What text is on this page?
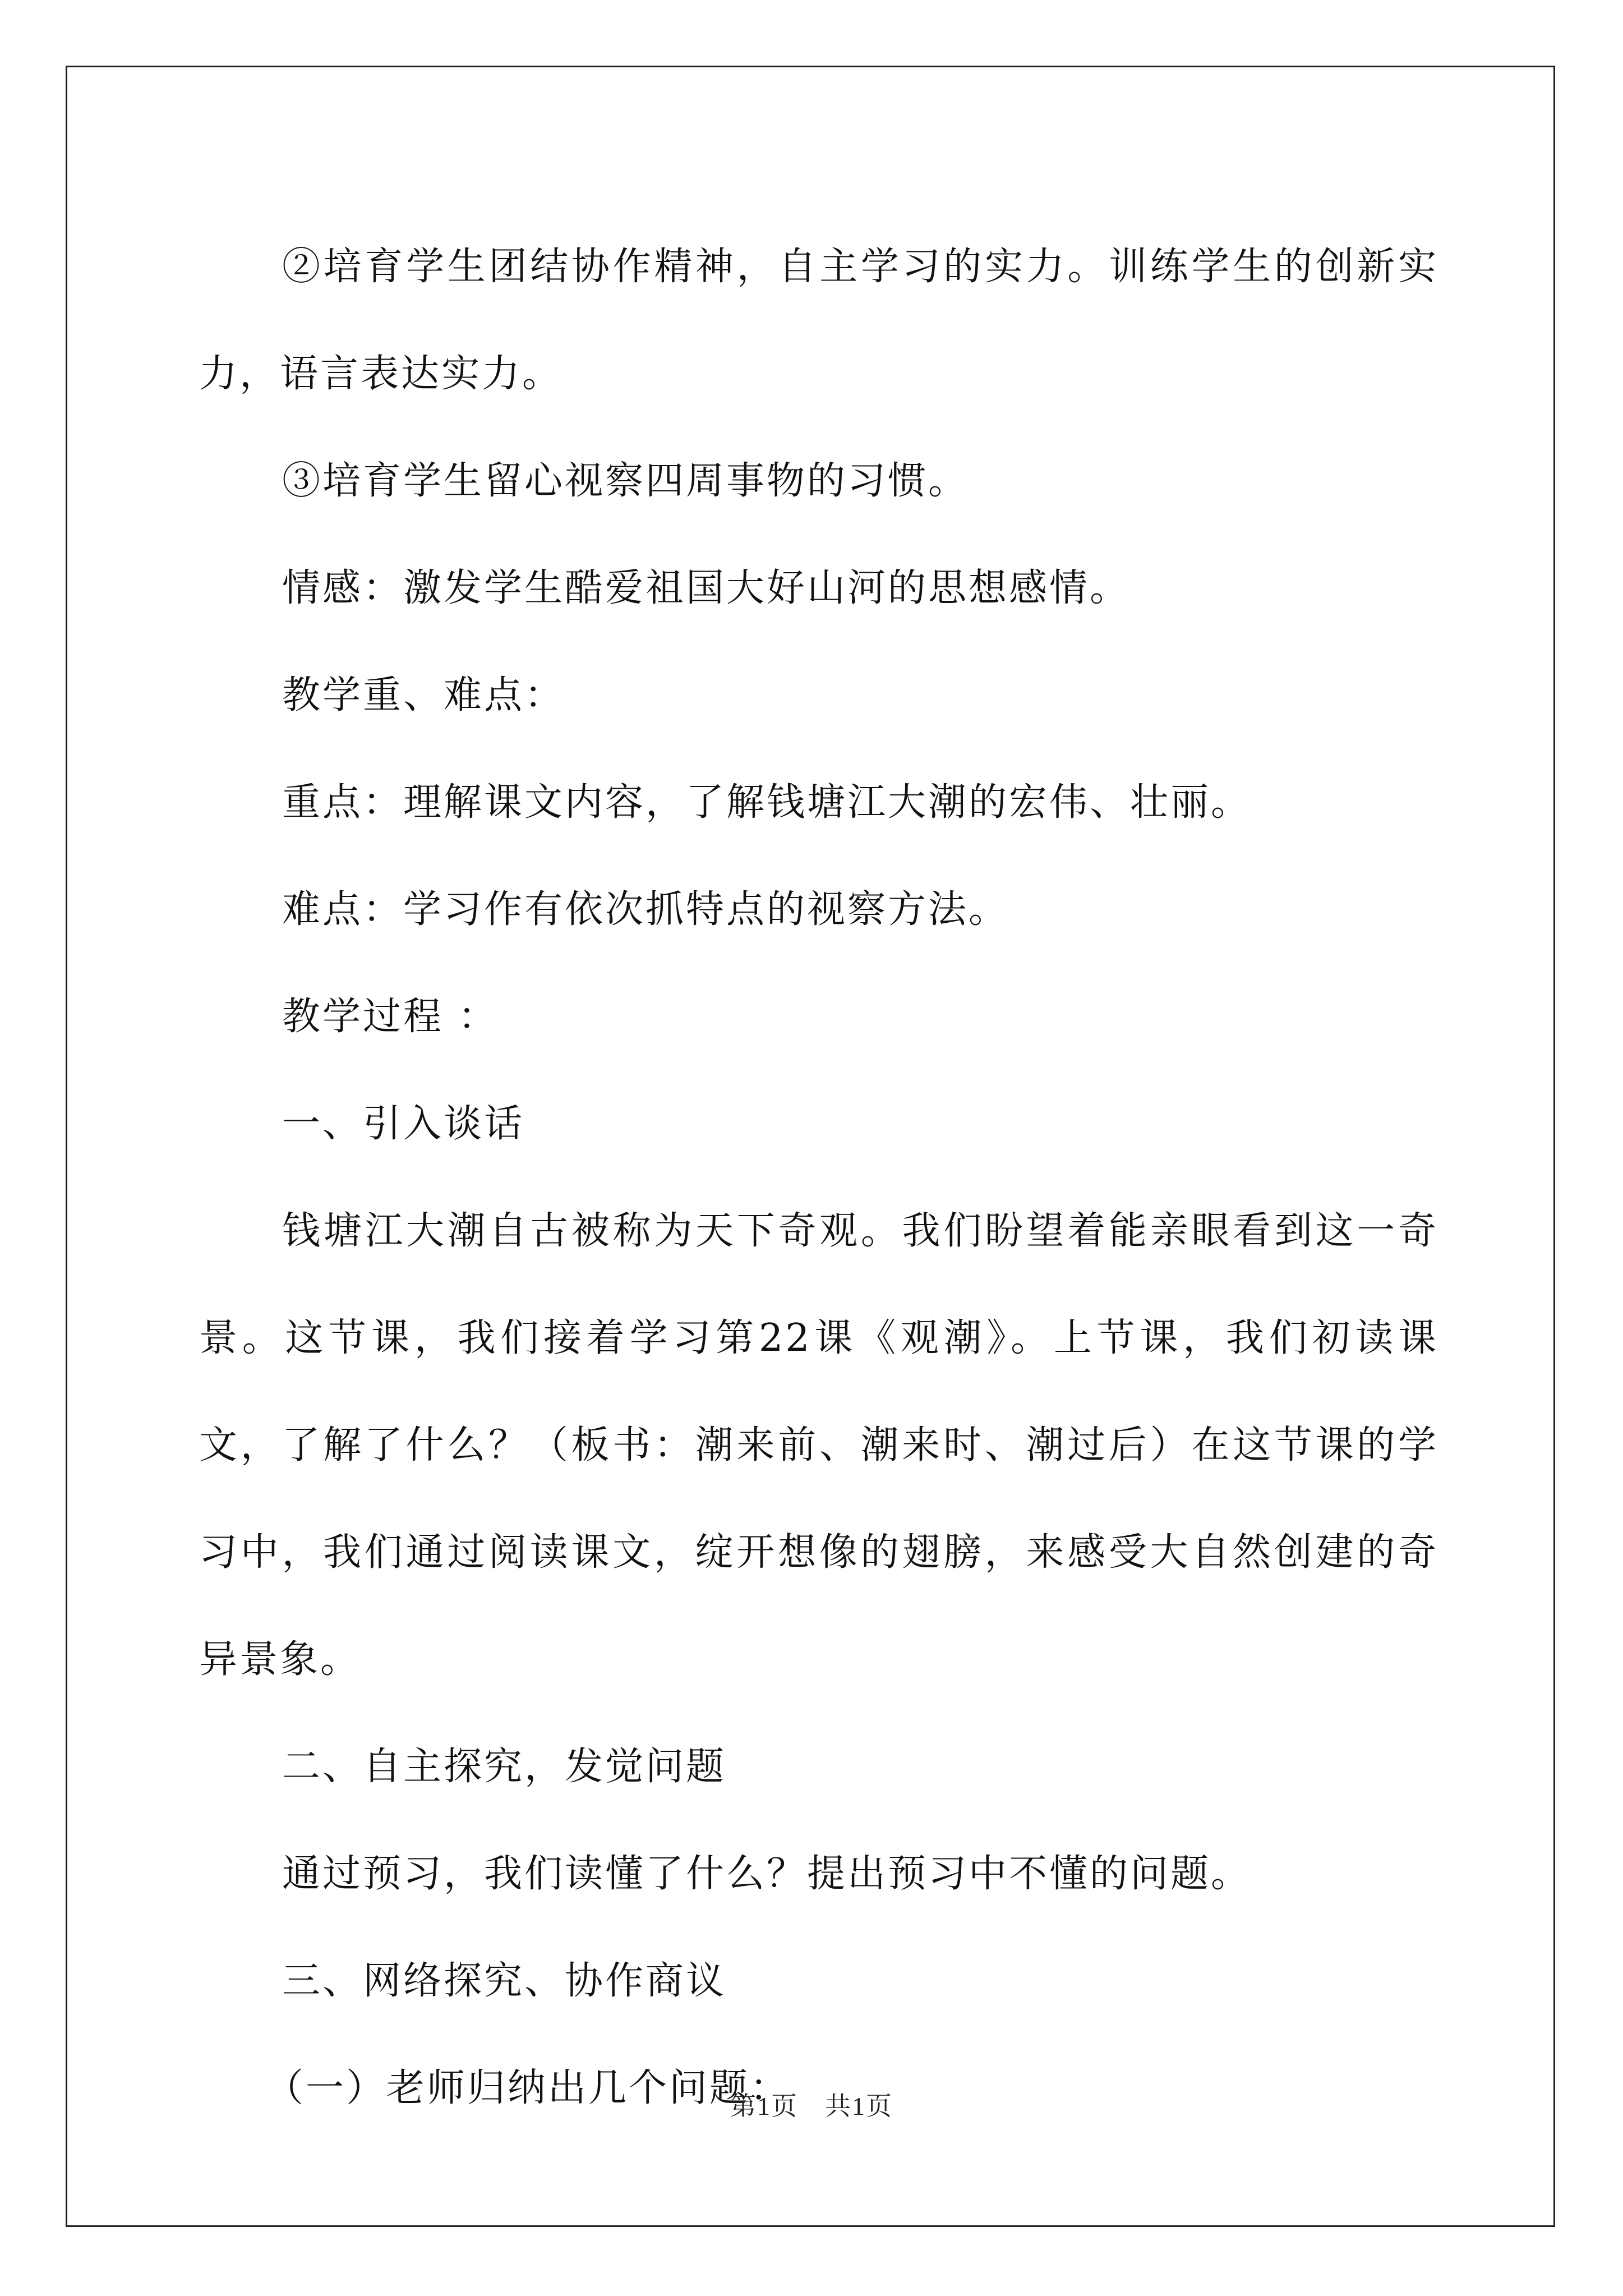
②培育学生团结协作精神，自主学习的实力。训练学生的创新实力，语言表达实力。

③培育学生留心视察四周事物的习惯。

情感：激发学生酷爱祖国大好山河的思想感情。

教学重、难点：

重点：理解课文内容，了解钱塘江大潮的宏伟、壮丽。

难点：学习作有依次抓特点的视察方法。

教学过程 ：

一、引入谈话

钱塘江大潮自古被称为天下奇观。我们盼望着能亲眼看到这一奇景。这节课，我们接着学习第22课《观潮》。上节课，我们初读课文，了解了什么？（板书：潮来前、潮来时、潮过后）在这节课的学习中，我们通过阅读课文，绽开想像的翅膀，来感受大自然创建的奇异景象。

二、自主探究，发觉问题

通过预习，我们读懂了什么？提出预习中不懂的问题。

三、网络探究、协作商议

（一）老师归纳出几个问题：

第1页　共1页
